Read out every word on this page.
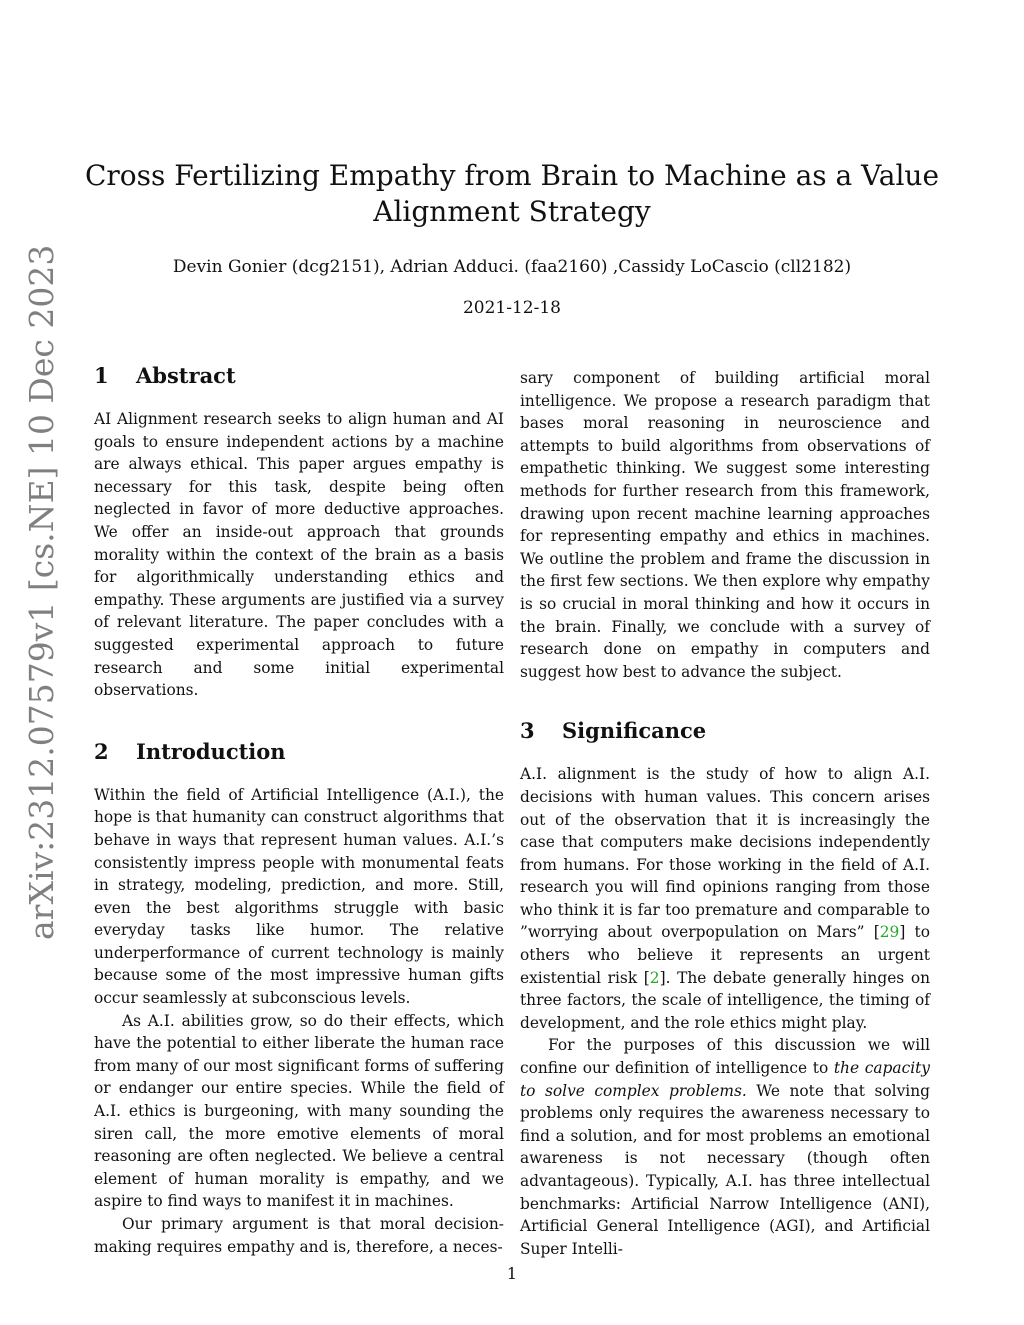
Cross Fertilizing Empathy from Brain to Machine as a Value Alignment Strategy
Devin Gonier (dcg2151), Adrian Adduci. (faa2160) ,Cassidy LoCascio (cll2182)
2021-12-18
arXiv:2312.07579v1 [cs.NE] 10 Dec 2023 1 Abstract

AI Alignment research seeks to align human and AI goals to ensure independent actions by a machine are always ethical. This paper argues empathy is necessary for this task, despite being often neglected in favor of more deductive approaches. We offer an inside-out approach that grounds morality within the context of the brain as a basis for algorithmically understanding ethics and empathy. These arguments are justified via a survey of relevant literature. The paper concludes with a suggested experimental approach to future research and some initial experimental observations.

2 Introduction

Within the field of Artificial Intelligence (A.I.), the hope is that humanity can construct algorithms that behave in ways that represent human values. A.I.’s consistently impress people with monumental feats in strategy, modeling, prediction, and more. Still, even the best algorithms struggle with basic everyday tasks like humor. The relative underperformance of current technology is mainly because some of the most impressive human gifts occur seamlessly at subconscious levels.

As A.I. abilities grow, so do their effects, which have the potential to either liberate the human race from many of our most significant forms of suffering or endanger our entire species. While the field of A.I. ethics is burgeoning, with many sounding the siren call, the more emotive elements of moral reasoning are often neglected. We believe a central element of human morality is empathy, and we aspire to find ways to manifest it in machines.

Our primary argument is that moral decision-making requires empathy and is, therefore, a neces-

sary component of building artificial moral intelligence. We propose a research paradigm that bases moral reasoning in neuroscience and attempts to build algorithms from observations of empathetic thinking. We suggest some interesting methods for further research from this framework, drawing upon recent machine learning approaches for representing empathy and ethics in machines. We outline the problem and frame the discussion in the first few sections. We then explore why empathy is so crucial in moral thinking and how it occurs in the brain. Finally, we conclude with a survey of research done on empathy in computers and suggest how best to advance the subject.

3 Significance

A.I. alignment is the study of how to align A.I. decisions with human values. This concern arises out of the observation that it is increasingly the case that computers make decisions independently from humans. For those working in the field of A.I. research you will find opinions ranging from those who think it is far too premature and comparable to ”worrying about overpopulation on Mars” [29] to others who believe it represents an urgent existential risk [2]. The debate generally hinges on three factors, the scale of intelligence, the timing of development, and the role ethics might play.

For the purposes of this discussion we will confine our definition of intelligence to the capacity to solve complex problems. We note that solving problems only requires the awareness necessary to find a solution, and for most problems an emotional awareness is not necessary (though often advantageous). Typically, A.I. has three intellectual benchmarks: Artificial Narrow Intelligence (ANI), Artificial General Intelligence (AGI), and Artificial Super Intelli-

1
